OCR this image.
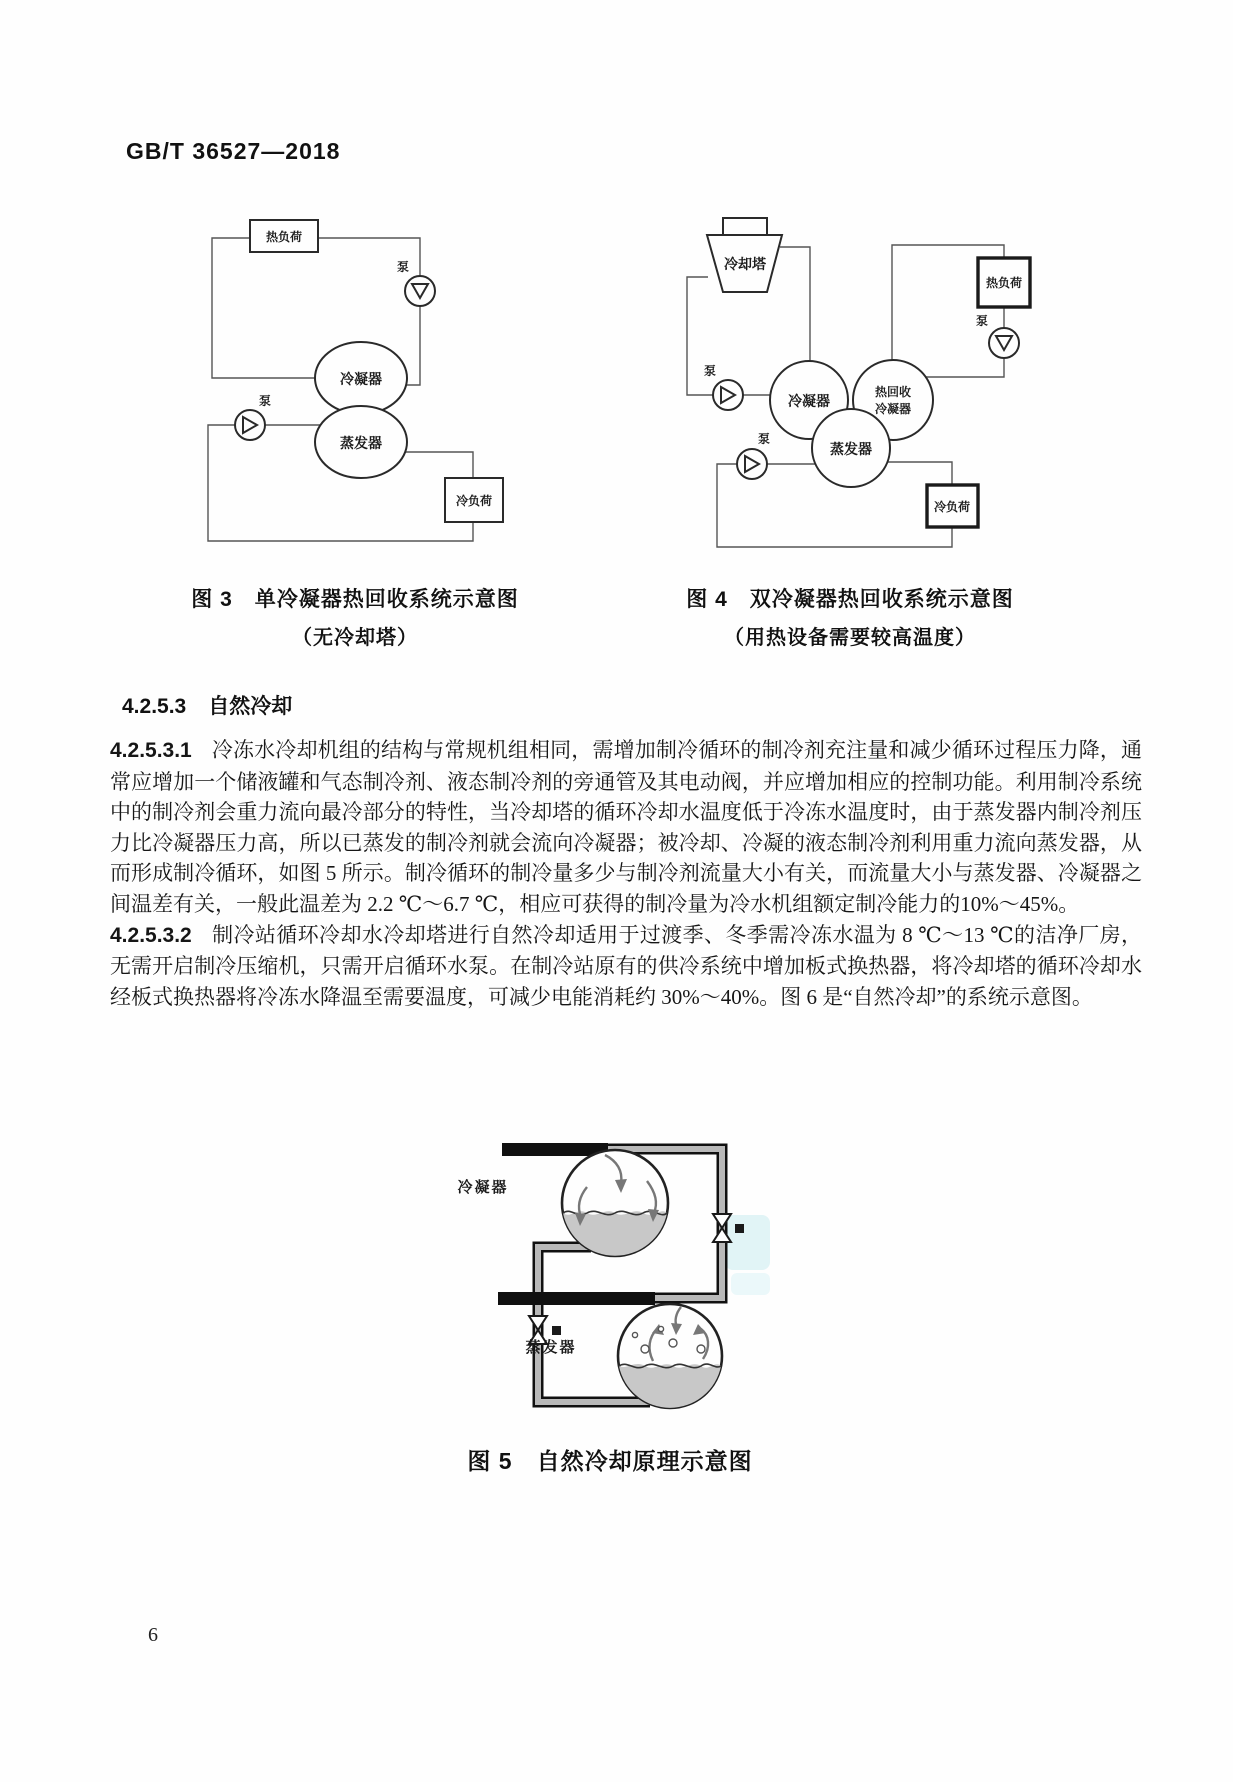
GB/T 36527—2018
热负荷
泵
泵
冷凝器
蒸发器
冷负荷
冷却塔
泵
冷凝器
热回收
冷凝器
蒸发器
热负荷
泵
泵
冷负荷
图 3　单冷凝器热回收系统示意图
（无冷却塔）
图 4　双冷凝器热回收系统示意图
（用热设备需要较高温度）
4.2.5.3 自然冷却

4.2.5.3.1 冷冻水冷却机组的结构与常规机组相同，需增加制冷循环的制冷剂充注量和减少循环过程压力降，通常应增加一个储液罐和气态制冷剂、液态制冷剂的旁通管及其电动阀，并应增加相应的控制功能。利用制冷系统中的制冷剂会重力流向最冷部分的特性，当冷却塔的循环冷却水温度低于冷冻水温度时，由于蒸发器内制冷剂压力比冷凝器压力高，所以已蒸发的制冷剂就会流向冷凝器；被冷却、冷凝的液态制冷剂利用重力流向蒸发器，从而形成制冷循环，如图 5 所示。制冷循环的制冷量多少与制冷剂流量大小有关，而流量大小与蒸发器、冷凝器之间温差有关，一般此温差为 2.2 ℃～6.7 ℃，相应可获得的制冷量为冷水机组额定制冷能力的10%～45%。

4.2.5.3.2 制冷站循环冷却水冷却塔进行自然冷却适用于过渡季、冬季需冷冻水温为 8 ℃～13 ℃的洁净厂房，无需开启制冷压缩机，只需开启循环水泵。在制冷站原有的供冷系统中增加板式换热器，将冷却塔的循环冷却水经板式换热器将冷冻水降温至需要温度，可减少电能消耗约 30%～40%。图 6 是“自然冷却”的系统示意图。

冷凝器
蒸发器
图 5　自然冷却原理示意图
6
